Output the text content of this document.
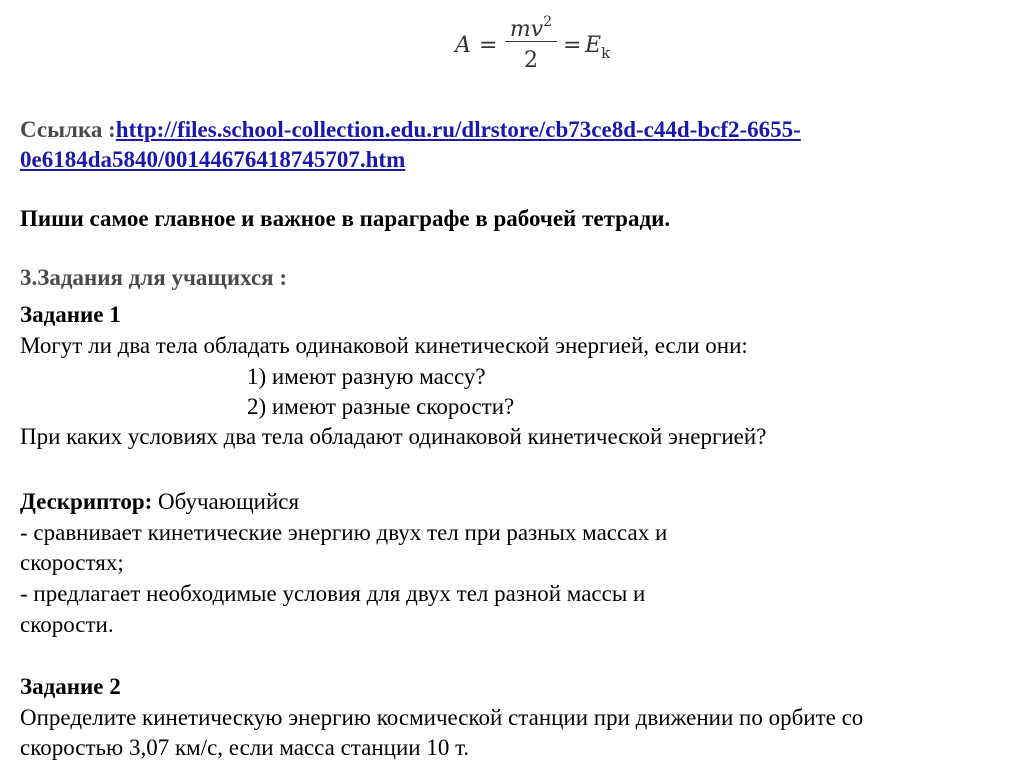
A =
$mv^2$
2
= $E_k$
Ссылка :http://files.school-collection.edu.ru/dlrstore/cb73ce8d-c44d-bcf2-6655-
0e6184da5840/00144676418745707.htm
Пиши самое главное и важное в параграфе в рабочей тетради.
3.Задания для учащихся :
Задание 1
Могут ли два тела обладать одинаковой кинетической энергией, если они:
1) имеют разную массу?
2) имеют разные скорости?
При каких условиях два тела обладают одинаковой кинетической энергией?
Дескриптор: Обучающийся
- сравнивает кинетические энергию двух тел при разных массах и
скоростях;
- предлагает необходимые условия для двух тел разной массы и
скорости.
Задание 2
Определите кинетическую энергию космической станции при движении по орбите со
скоростью 3,07 км/с, если масса станции 10 т.
